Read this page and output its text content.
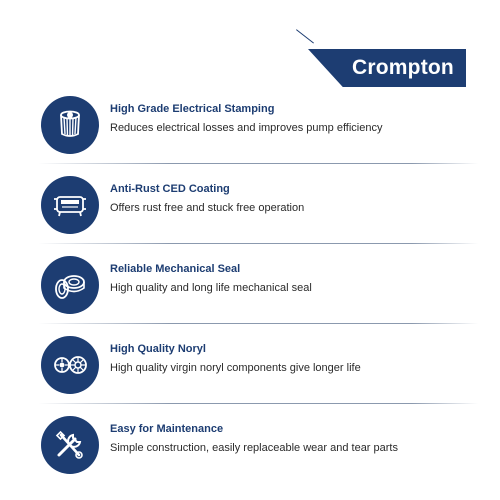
Crompton
High Grade Electrical Stamping
Reduces electrical losses and improves pump efficiency
Anti-Rust CED Coating
Offers rust free and stuck free operation
Reliable Mechanical Seal
High quality and long life mechanical seal
High Quality Noryl
High quality virgin noryl components give longer life
Easy for Maintenance
Simple construction, easily replaceable wear and tear parts
